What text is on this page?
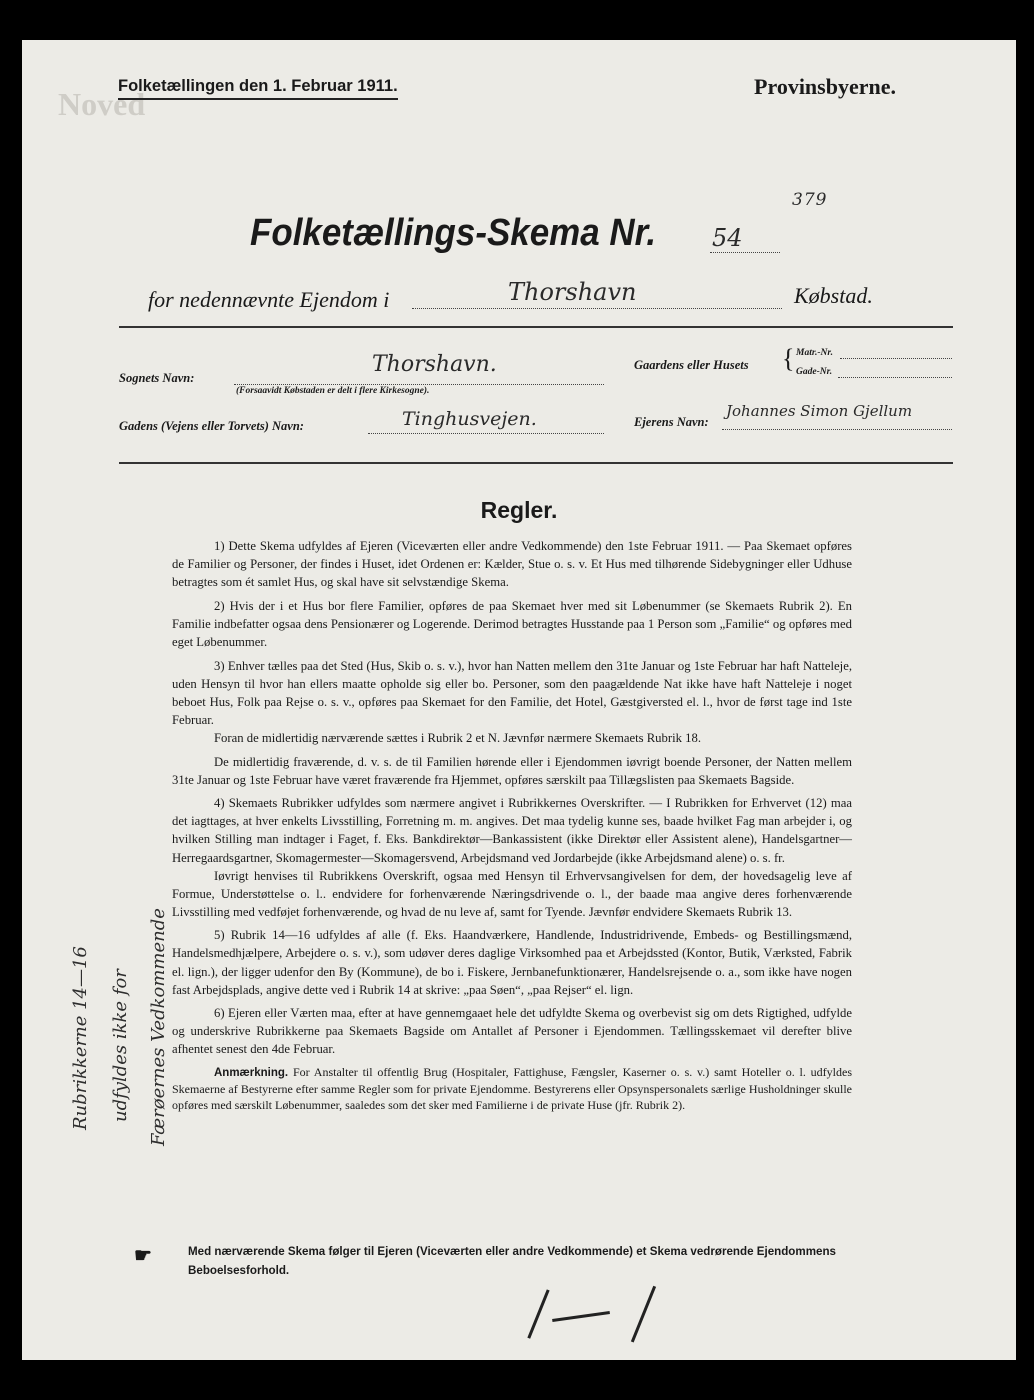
Noved
Folketællingen den 1. Februar 1911.	Provinsbyerne.
379
Folketællings-Skema Nr. 54
for nedennævnte Ejendom i	Thorshavn	Købstad.
Sognets Navn:
Thorshavn.
(Forsaavidt Købstaden er delt i flere Kirkesogne).
Gaardens eller Husets { Matr.-Nr.
Gade-Nr.
Gadens (Vejens eller Torvets) Navn:	Tinghusvejen.	Ejerens Navn:
Johannes Simon Gjellum
Regler.

1) Dette Skema udfyldes af Ejeren (Viceværten eller andre Vedkommende) den 1ste Februar 1911. — Paa Skemaet opføres de Familier og Personer, der findes i Huset, idet Ordenen er: Kælder, Stue o. s. v. Et Hus med tilhørende Sidebygninger eller Udhuse betragtes som ét samlet Hus, og skal have sit selvstændige Skema.

2) Hvis der i et Hus bor flere Familier, opføres de paa Skemaet hver med sit Løbenummer (se Skemaets Rubrik 2). En Familie indbefatter ogsaa dens Pensionærer og Logerende. Derimod betragtes Husstande paa 1 Person som „Familie“ og opføres med eget Løbenummer.

3) Enhver tælles paa det Sted (Hus, Skib o. s. v.), hvor han Natten mellem den 31te Januar og 1ste Februar har haft Natteleje, uden Hensyn til hvor han ellers maatte opholde sig eller bo. Personer, som den paagældende Nat ikke have haft Natteleje i noget beboet Hus, Folk paa Rejse o. s. v., opføres paa Skemaet for den Familie, det Hotel, Gæstgiversted el. l., hvor de først tage ind 1ste Februar.

Foran de midlertidig nærværende sættes i Rubrik 2 et N. Jævnfør nærmere Skemaets Rubrik 18.

De midlertidig fraværende, d. v. s. de til Familien hørende eller i Ejendommen iøvrigt boende Personer, der Natten mellem 31te Januar og 1ste Februar have været fraværende fra Hjemmet, opføres særskilt paa Tillægslisten paa Skemaets Bagside.

4) Skemaets Rubrikker udfyldes som nærmere angivet i Rubrikkernes Overskrifter. — I Rubrikken for Erhvervet (12) maa det iagttages, at hver enkelts Livsstilling, Forretning m. m. angives. Det maa tydelig kunne ses, baade hvilket Fag man arbejder i, og hvilken Stilling man indtager i Faget, f. Eks. Bankdirektør—Bankassistent (ikke Direktør eller Assistent alene), Handelsgartner—Herregaardsgartner, Skomagermester—Skomagersvend, Arbejdsmand ved Jordarbejde (ikke Arbejdsmand alene) o. s. fr.

Iøvrigt henvises til Rubrikkens Overskrift, ogsaa med Hensyn til Erhvervsangivelsen for dem, der hovedsagelig leve af Formue, Understøttelse o. l.. endvidere for forhenværende Næringsdrivende o. l., der baade maa angive deres forhenværende Livsstilling med vedføjet forhenværende, og hvad de nu leve af, samt for Tyende. Jævnfør endvidere Skemaets Rubrik 13.

5) Rubrik 14—16 udfyldes af alle (f. Eks. Haandværkere, Handlende, Industridrivende, Embeds- og Bestillingsmænd, Handelsmedhjælpere, Arbejdere o. s. v.), som udøver deres daglige Virksomhed paa et Arbejdssted (Kontor, Butik, Værksted, Fabrik el. lign.), der ligger udenfor den By (Kommune), de bo i. Fiskere, Jernbanefunktionærer, Handelsrejsende o. a., som ikke have nogen fast Arbejdsplads, angive dette ved i Rubrik 14 at skrive: „paa Søen“, „paa Rejser“ el. lign.

6) Ejeren eller Værten maa, efter at have gennemgaaet hele det udfyldte Skema og overbevist sig om dets Rigtighed, udfylde og underskrive Rubrikkerne paa Skemaets Bagside om Antallet af Personer i Ejendommen. Tællingsskemaet vil derefter blive afhentet senest den 4de Februar.

Anmærkning. For Anstalter til offentlig Brug (Hospitaler, Fattighuse, Fængsler, Kaserner o. s. v.) samt Hoteller o. l. udfyldes Skemaerne af Bestyrerne efter samme Regler som for private Ejendomme. Bestyrerens eller Opsynspersonalets særlige Husholdninger skulle opføres med særskilt Løbenummer, saaledes som det sker med Familierne i de private Huse (jfr. Rubrik 2).

Rubrikkerne 14—16 udfyldes ikke for Færøernes Vedkommende
☛	Med nærværende Skema følger til Ejeren (Viceværten eller andre Vedkommende) et Skema vedrørende Ejendommens Beboelsesforhold.
